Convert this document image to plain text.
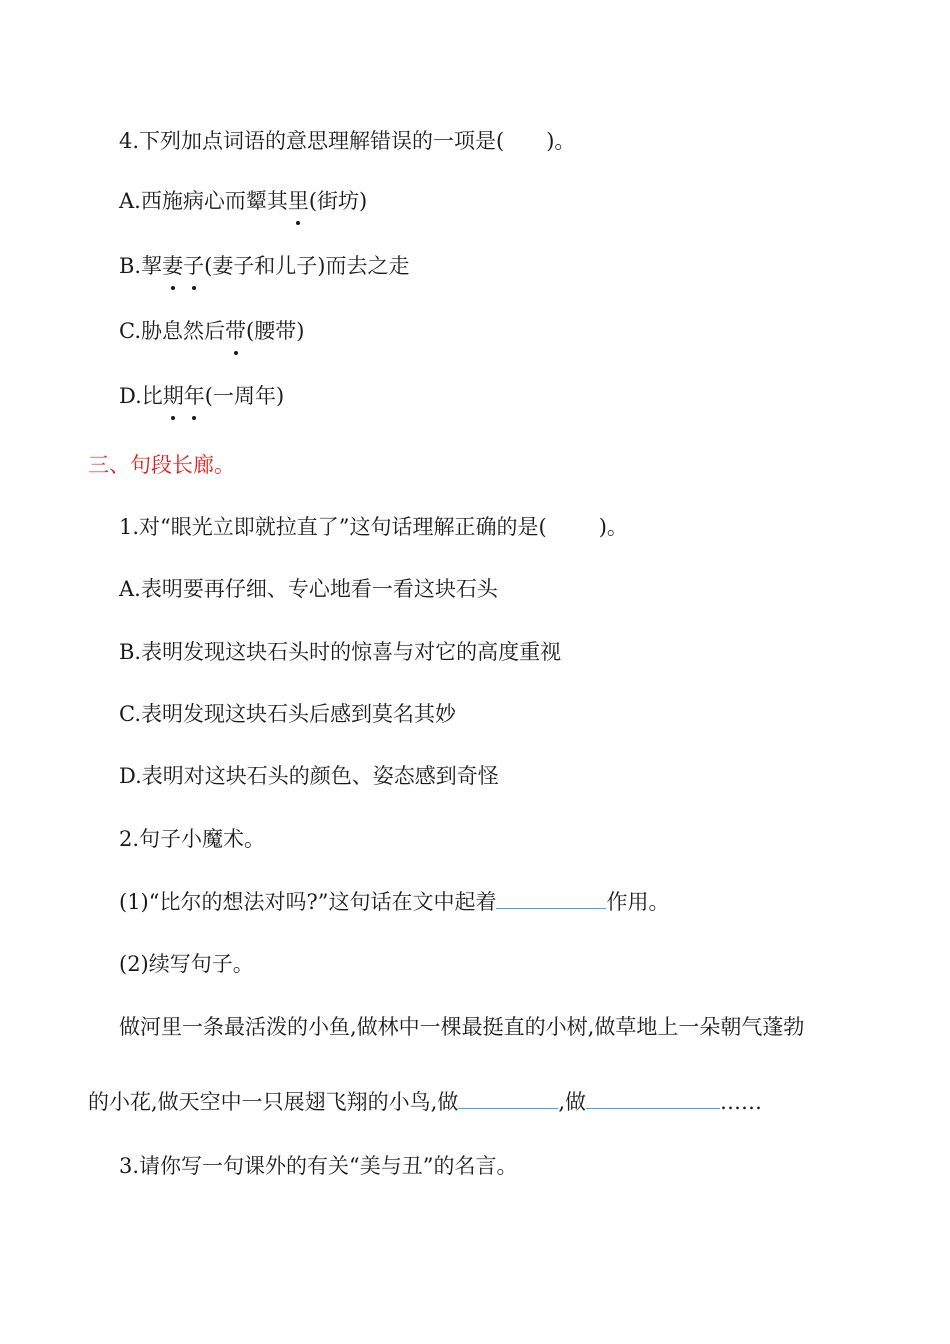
4.下列加点词语的意思理解错误的一项是( )。
A.西施病心而颦其里(街坊)
B.挈妻子(妻子和儿子)而去之走
C.胁息然后带(腰带)
D.比期年(一周年)
三、句段长廊。
1.对“眼光立即就拉直了”这句话理解正确的是( )。
A.表明要再仔细、专心地看一看这块石头
B.表明发现这块石头时的惊喜与对它的高度重视
C.表明发现这块石头后感到莫名其妙
D.表明对这块石头的颜色、姿态感到奇怪
2.句子小魔术。
(1)“比尔的想法对吗?”这句话在文中起着	作用。
(2)续写句子。
做河里一条最活泼的小鱼,做林中一棵最挺直的小树,做草地上一朵朝气蓬勃
的小花,做天空中一只展翅飞翔的小鸟,做	,做	……
3.请你写一句课外的有关“美与丑”的名言。
